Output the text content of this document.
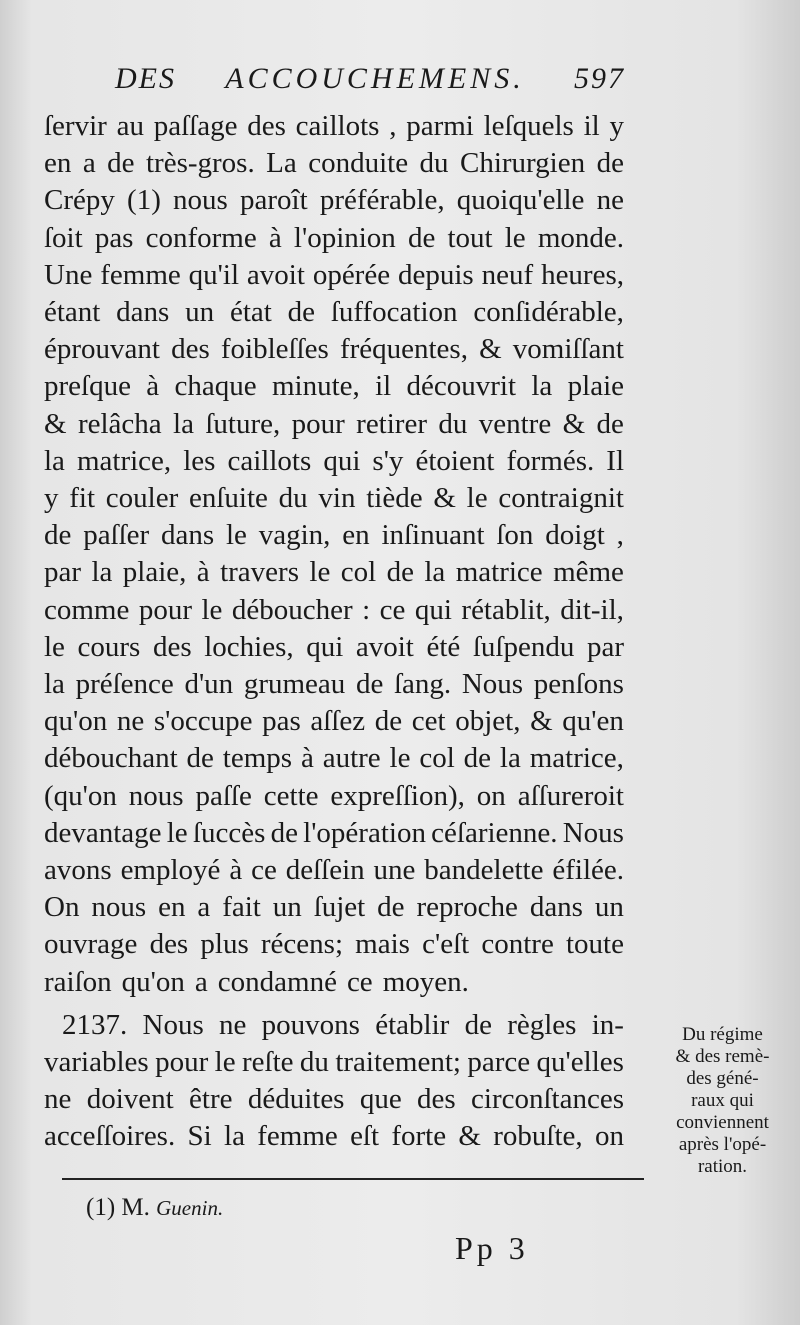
DES ACCOUCHEMENS. 597
ſervir au paſſage des caillots , parmi leſquels il y
en a de très-gros. La conduite du Chirurgien de
Crépy (1) nous paroît préférable, quoiqu'elle ne
ſoit pas conforme à l'opinion de tout le monde.
Une femme qu'il avoit opérée depuis neuf heures,
étant dans un état de ſuffocation conſidérable,
éprouvant des foibleſſes fréquentes, & vomiſſant
preſque à chaque minute, il découvrit la plaie
& relâcha la ſuture, pour retirer du ventre & de
la matrice, les caillots qui s'y étoient formés. Il
y fit couler enſuite du vin tiède & le contraignit
de paſſer dans le vagin, en inſinuant ſon doigt ,
par la plaie, à travers le col de la matrice même
comme pour le déboucher : ce qui rétablit, dit-il,
le cours des lochies, qui avoit été ſuſpendu par
la préſence d'un grumeau de ſang. Nous penſons
qu'on ne s'occupe pas aſſez de cet objet, & qu'en
débouchant de temps à autre le col de la matrice,
(qu'on nous paſſe cette expreſſion), on aſſureroit
devantage le ſuccès de l'opération céſarienne. Nous
avons employé à ce deſſein une bandelette éfilée.
On nous en a fait un ſujet de reproche dans un
ouvrage des plus récens; mais c'eſt contre toute
raiſon qu'on a condamné ce moyen.
2137. Nous ne pouvons établir de règles in-
variables pour le reſte du traitement; parce qu'elles
ne doivent être déduites que des circonſtances
acceſſoires. Si la femme eſt forte & robuſte, on
Du régime
& des remè-
des géné-
raux qui
conviennent
après l'opé-
ration.
(1) M. Guenin.
Pp 3
